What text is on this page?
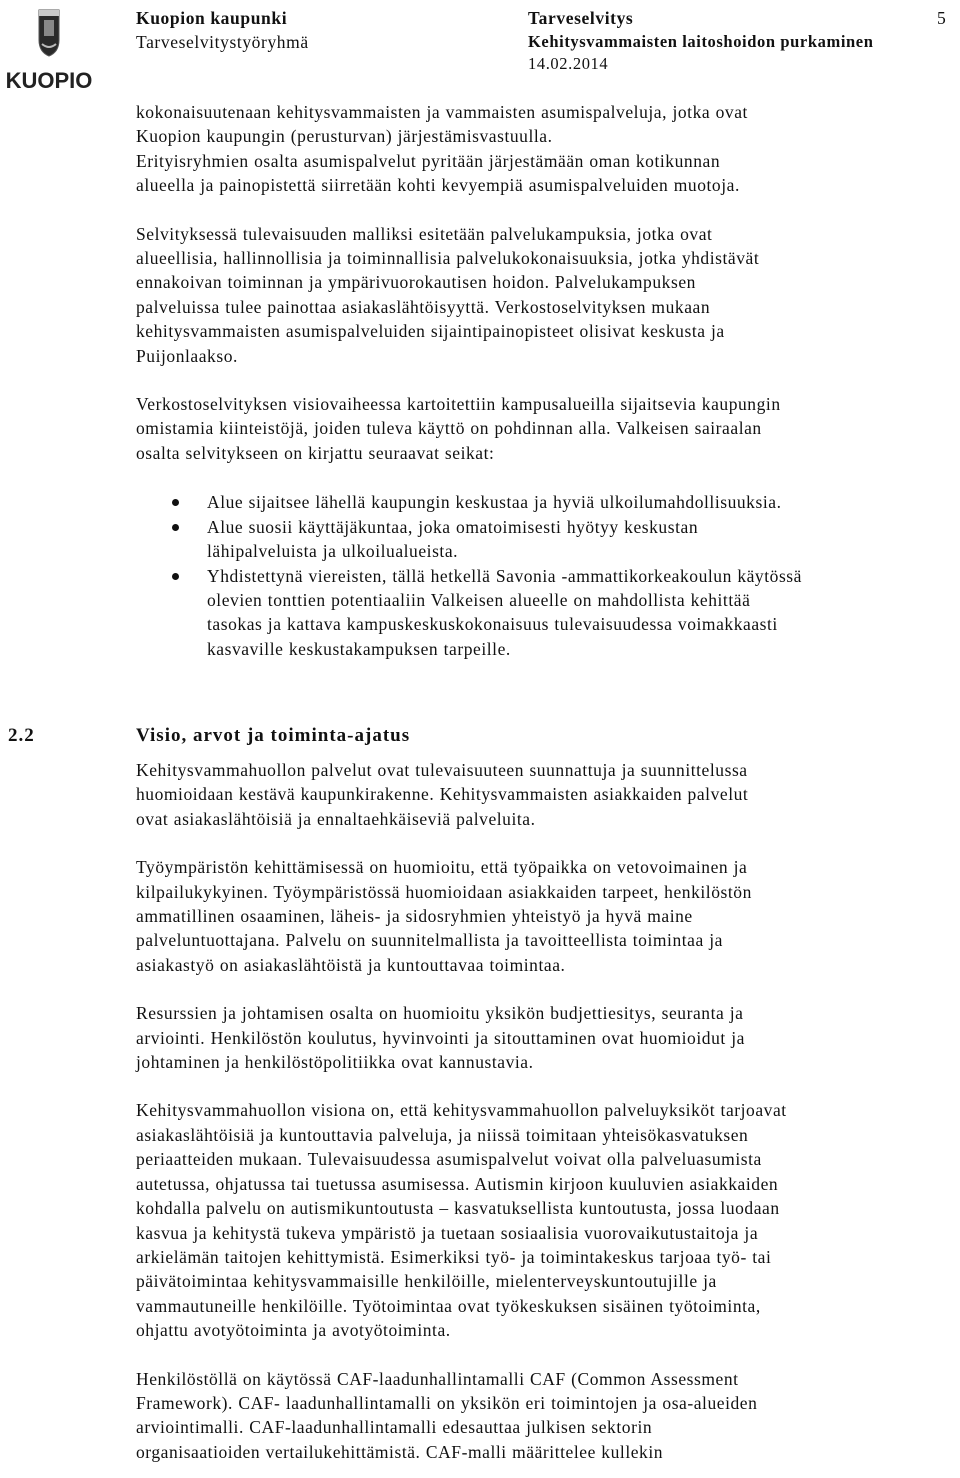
KUOPIO
Kuopion kaupunki
Tarveselvitystyöryhmä
Tarveselvitys
Kehitysvammaisten laitoshoidon purkaminen
14.02.2014
5

kokonaisuutenaan kehitysvammaisten ja vammaisten asumispalveluja, jotka ovat

Kuopion kaupungin (perusturvan) järjestämisvastuulla.

Erityisryhmien osalta asumispalvelut pyritään järjestämään oman kotikunnan

alueella ja painopistettä siirretään kohti kevyempiä asumispalveluiden muotoja.

Selvityksessä tulevaisuuden malliksi esitetään palvelukampuksia, jotka ovat

alueellisia, hallinnollisia ja toiminnallisia palvelukokonaisuuksia, jotka yhdistävät

ennakoivan toiminnan ja ympärivuorokautisen hoidon. Palvelukampuksen

palveluissa tulee painottaa asiakaslähtöisyyttä. Verkostoselvityksen mukaan

kehitysvammaisten asumispalveluiden sijaintipainopisteet olisivat keskusta ja

Puijonlaakso.

Verkostoselvityksen visiovaiheessa kartoitettiin kampusalueilla sijaitsevia kaupungin

omistamia kiinteistöjä, joiden tuleva käyttö on pohdinnan alla. Valkeisen sairaalan

osalta selvitykseen on kirjattu seuraavat seikat:

Alue sijaitsee lähellä kaupungin keskustaa ja hyviä ulkoilumahdollisuuksia.

Alue suosii käyttäjäkuntaa, joka omatoimisesti hyötyy keskustan

lähipalveluista ja ulkoilualueista.

Yhdistettynä viereisten, tällä hetkellä Savonia -ammattikorkeakoulun käytössä

olevien tonttien potentiaaliin Valkeisen alueelle on mahdollista kehittää

tasokas ja kattava kampuskeskuskokonaisuus tulevaisuudessa voimakkaasti

kasvaville keskustakampuksen tarpeille.

2.2	Visio, arvot ja toiminta-ajatus

Kehitysvammahuollon palvelut ovat tulevaisuuteen suunnattuja ja suunnittelussa

huomioidaan kestävä kaupunkirakenne. Kehitysvammaisten asiakkaiden palvelut

ovat asiakaslähtöisiä ja ennaltaehkäiseviä palveluita.

Työympäristön kehittämisessä on huomioitu, että työpaikka on vetovoimainen ja

kilpailukykyinen. Työympäristössä huomioidaan asiakkaiden tarpeet, henkilöstön

ammatillinen osaaminen, läheis- ja sidosryhmien yhteistyö ja hyvä maine

palveluntuottajana. Palvelu on suunnitelmallista ja tavoitteellista toimintaa ja

asiakastyö on asiakaslähtöistä ja kuntouttavaa toimintaa.

Resurssien ja johtamisen osalta on huomioitu yksikön budjettiesitys, seuranta ja

arviointi. Henkilöstön koulutus, hyvinvointi ja sitouttaminen ovat huomioidut ja

johtaminen ja henkilöstöpolitiikka ovat kannustavia.

Kehitysvammahuollon visiona on, että kehitysvammahuollon palveluyksiköt tarjoavat

asiakaslähtöisiä ja kuntouttavia palveluja, ja niissä toimitaan yhteisökasvatuksen

periaatteiden mukaan. Tulevaisuudessa asumispalvelut voivat olla palveluasumista

autetussa, ohjatussa tai tuetussa asumisessa. Autismin kirjoon kuuluvien asiakkaiden

kohdalla palvelu on autismikuntoutusta – kasvatuksellista kuntoutusta, jossa luodaan

kasvua ja kehitystä tukeva ympäristö ja tuetaan sosiaalisia vuorovaikutustaitoja ja

arkielämän taitojen kehittymistä. Esimerkiksi työ- ja toimintakeskus tarjoaa työ- tai

päivätoimintaa kehitysvammaisille henkilöille, mielenterveyskuntoutujille ja

vammautuneille henkilöille. Työtoimintaa ovat työkeskuksen sisäinen työtoiminta,

ohjattu avotyötoiminta ja avotyötoiminta.

Henkilöstöllä on käytössä CAF-laadunhallintamalli CAF (Common Assessment

Framework). CAF- laadunhallintamalli on yksikön eri toimintojen ja osa-alueiden

arviointimalli. CAF-laadunhallintamalli edesauttaa julkisen sektorin

organisaatioiden vertailukehittämistä. CAF-malli määrittelee kullekin
